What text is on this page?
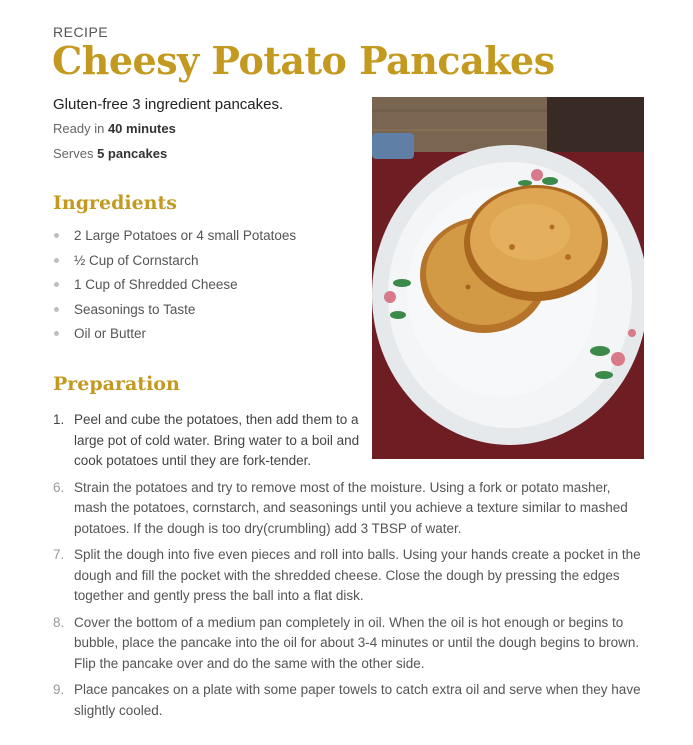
RECIPE
Cheesy Potato Pancakes
Gluten-free 3 ingredient pancakes.
Ready in 40 minutes
Serves 5 pancakes
Ingredients
2 Large Potatoes or 4 small Potatoes
½ Cup of Cornstarch
1 Cup of Shredded Cheese
Seasonings to Taste
Oil or Butter
Preparation
1. Peel and cube the potatoes, then add them to a large pot of cold water. Bring water to a boil and cook potatoes until they are fork-tender.
6. Strain the potatoes and try to remove most of the moisture. Using a fork or potato masher, mash the potatoes, cornstarch, and seasonings until you achieve a texture similar to mashed potatoes. If the dough is too dry(crumbling) add 3 TBSP of water.
7. Split the dough into five even pieces and roll into balls. Using your hands create a pocket in the dough and fill the pocket with the shredded cheese. Close the dough by pressing the edges together and gently press the ball into a flat disk.
8. Cover the bottom of a medium pan completely in oil. When the oil is hot enough or begins to bubble, place the pancake into the oil for about 3-4 minutes or until the dough begins to brown. Flip the pancake over and do the same with the other side.
9. Place pancakes on a plate with some paper towels to catch extra oil and serve when they have slightly cooled.
